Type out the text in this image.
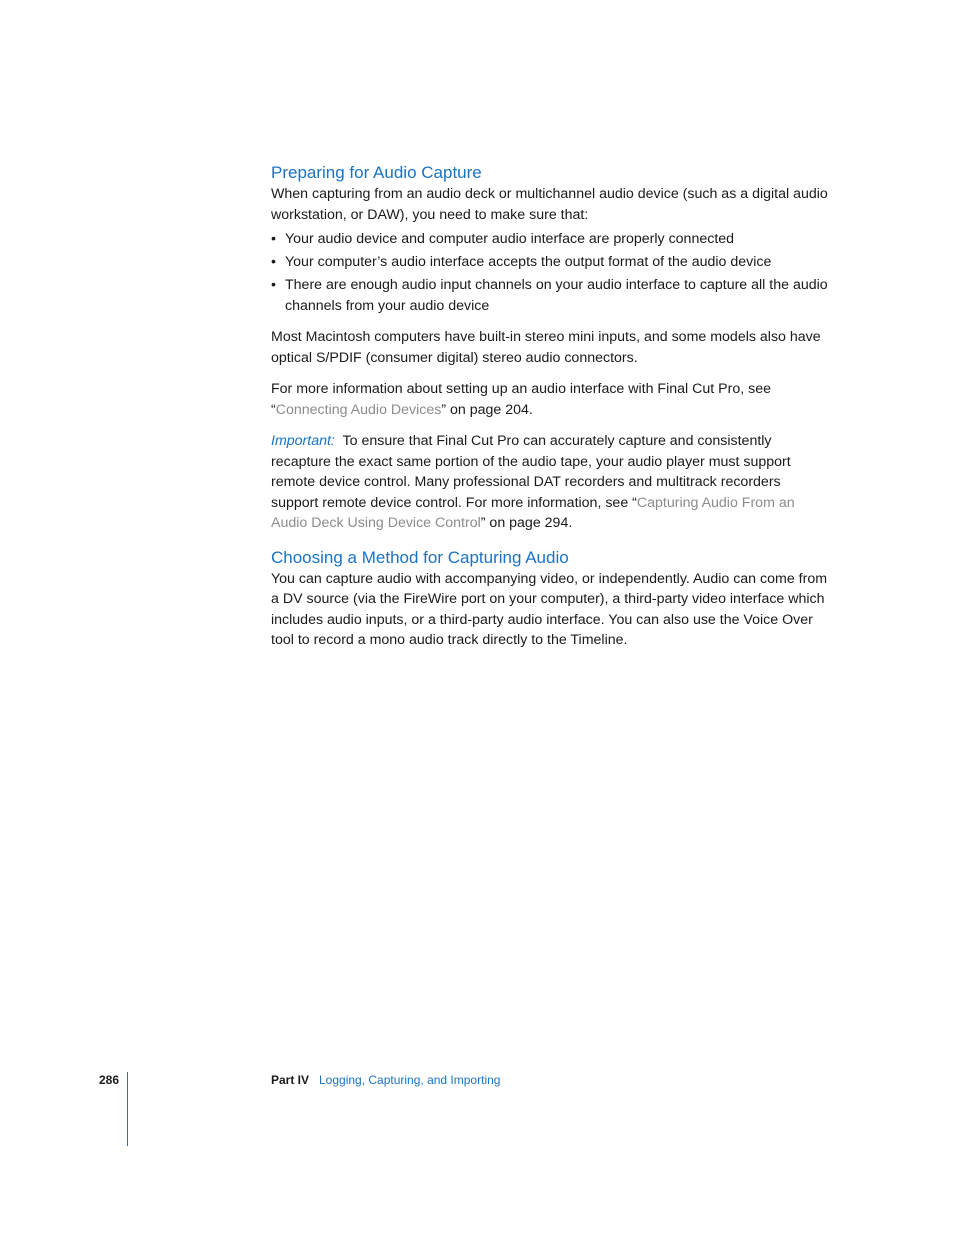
Preparing for Audio Capture

When capturing from an audio deck or multichannel audio device (such as a digital audio workstation, or DAW), you need to make sure that:

• Your audio device and computer audio interface are properly connected
• Your computer’s audio interface accepts the output format of the audio device
• There are enough audio input channels on your audio interface to capture all the audio channels from your audio device

Most Macintosh computers have built-in stereo mini inputs, and some models also have optical S/PDIF (consumer digital) stereo audio connectors.

For more information about setting up an audio interface with Final Cut Pro, see “Connecting Audio Devices” on page 204.

Important: To ensure that Final Cut Pro can accurately capture and consistently recapture the exact same portion of the audio tape, your audio player must support remote device control. Many professional DAT recorders and multitrack recorders support remote device control. For more information, see “Capturing Audio From an Audio Deck Using Device Control” on page 294.

Choosing a Method for Capturing Audio

You can capture audio with accompanying video, or independently. Audio can come from a DV source (via the FireWire port on your computer), a third-party video interface which includes audio inputs, or a third-party audio interface. You can also use the Voice Over tool to record a mono audio track directly to the Timeline.

286	Part IV Logging, Capturing, and Importing
